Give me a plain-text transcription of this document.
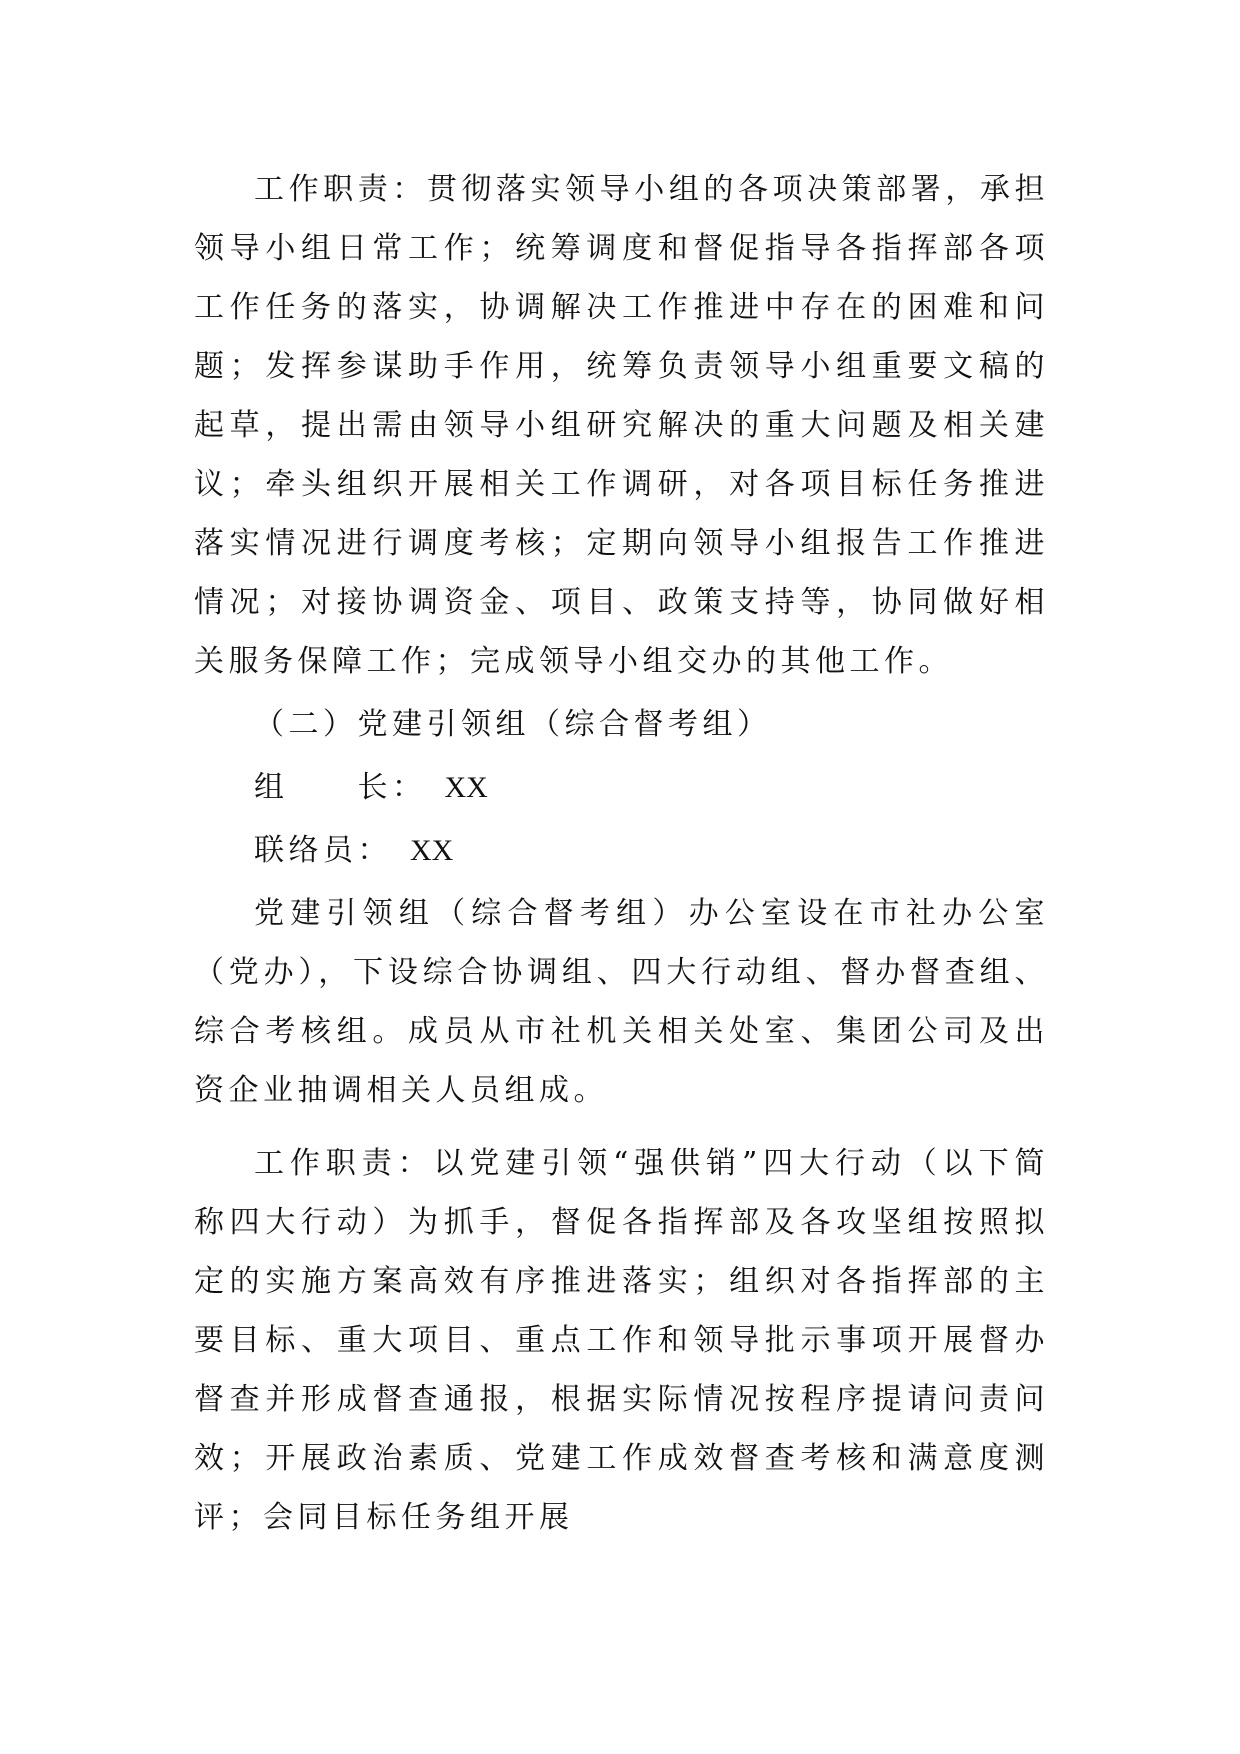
工作职责：贯彻落实领导小组的各项决策部署，承担领导小组日常工作；统筹调度和督促指导各指挥部各项工作任务的落实，协调解决工作推进中存在的困难和问题；发挥参谋助手作用，统筹负责领导小组重要文稿的起草，提出需由领导小组研究解决的重大问题及相关建议；牵头组织开展相关工作调研，对各项目标任务推进落实情况进行调度考核；定期向领导小组报告工作推进情况；对接协调资金、项目、政策支持等，协同做好相关服务保障工作；完成领导小组交办的其他工作。

（二）党建引领组（综合督考组）

组　　长： XX

联络员： XX

党建引领组（综合督考组）办公室设在市社办公室（党办），下设综合协调组、四大行动组、督办督查组、综合考核组。成员从市社机关相关处室、集团公司及出资企业抽调相关人员组成。

工作职责：以党建引领“强供销”四大行动（以下简称四大行动）为抓手，督促各指挥部及各攻坚组按照拟定的实施方案高效有序推进落实；组织对各指挥部的主要目标、重大项目、重点工作和领导批示事项开展督办督查并形成督查通报，根据实际情况按程序提请问责问效；开展政治素质、党建工作成效督查考核和满意度测评；会同目标任务组开展
